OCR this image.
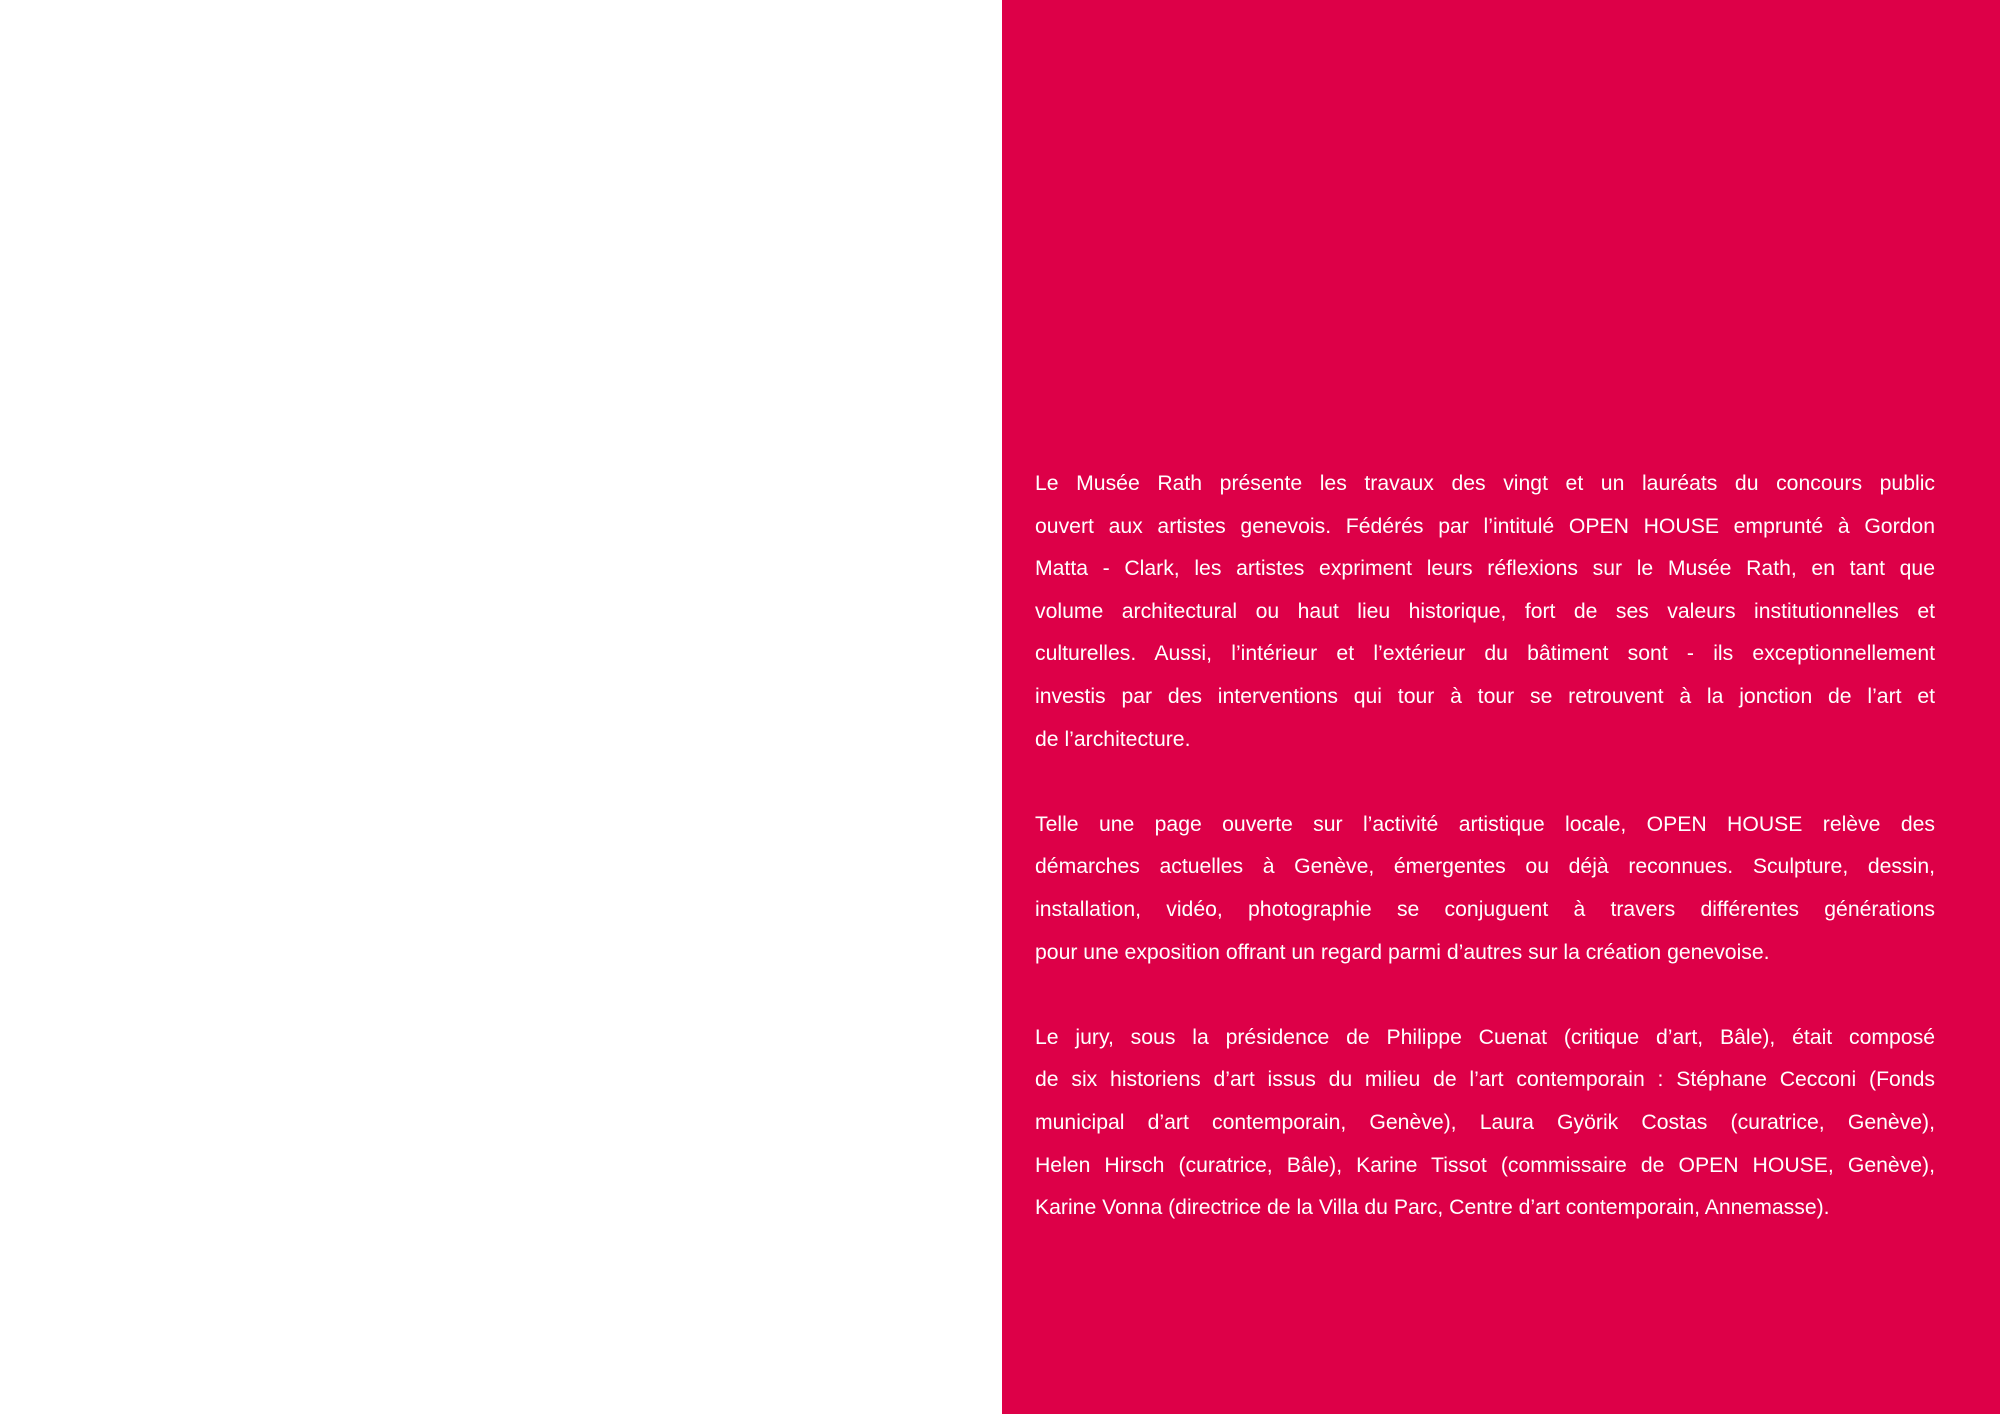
Le Musée Rath présente les travaux des vingt et un lauréats du concours public
ouvert aux artistes genevois. Fédérés par l’intitulé OPEN HOUSE emprunté à Gordon
Matta - Clark, les artistes expriment leurs réflexions sur le Musée Rath, en tant que
volume architectural ou haut lieu historique, fort de ses valeurs institutionnelles et
culturelles. Aussi, l’intérieur et l’extérieur du bâtiment sont - ils exceptionnellement
investis par des interventions qui tour à tour se retrouvent à la jonction de l’art et
de l’architecture.
Telle une page ouverte sur l’activité artistique locale, OPEN HOUSE relève des
démarches actuelles à Genève, émergentes ou déjà reconnues. Sculpture, dessin,
installation, vidéo, photographie se conjuguent à travers différentes générations
pour une exposition offrant un regard parmi d’autres sur la création genevoise.
Le jury, sous la présidence de Philippe Cuenat (critique d’art, Bâle), était composé
de six historiens d’art issus du milieu de l’art contemporain : Stéphane Cecconi (Fonds
municipal d’art contemporain, Genève), Laura Györik Costas (curatrice, Genève),
Helen Hirsch (curatrice, Bâle), Karine Tissot (commissaire de OPEN HOUSE, Genève),
Karine Vonna (directrice de la Villa du Parc, Centre d’art contemporain, Annemasse).
